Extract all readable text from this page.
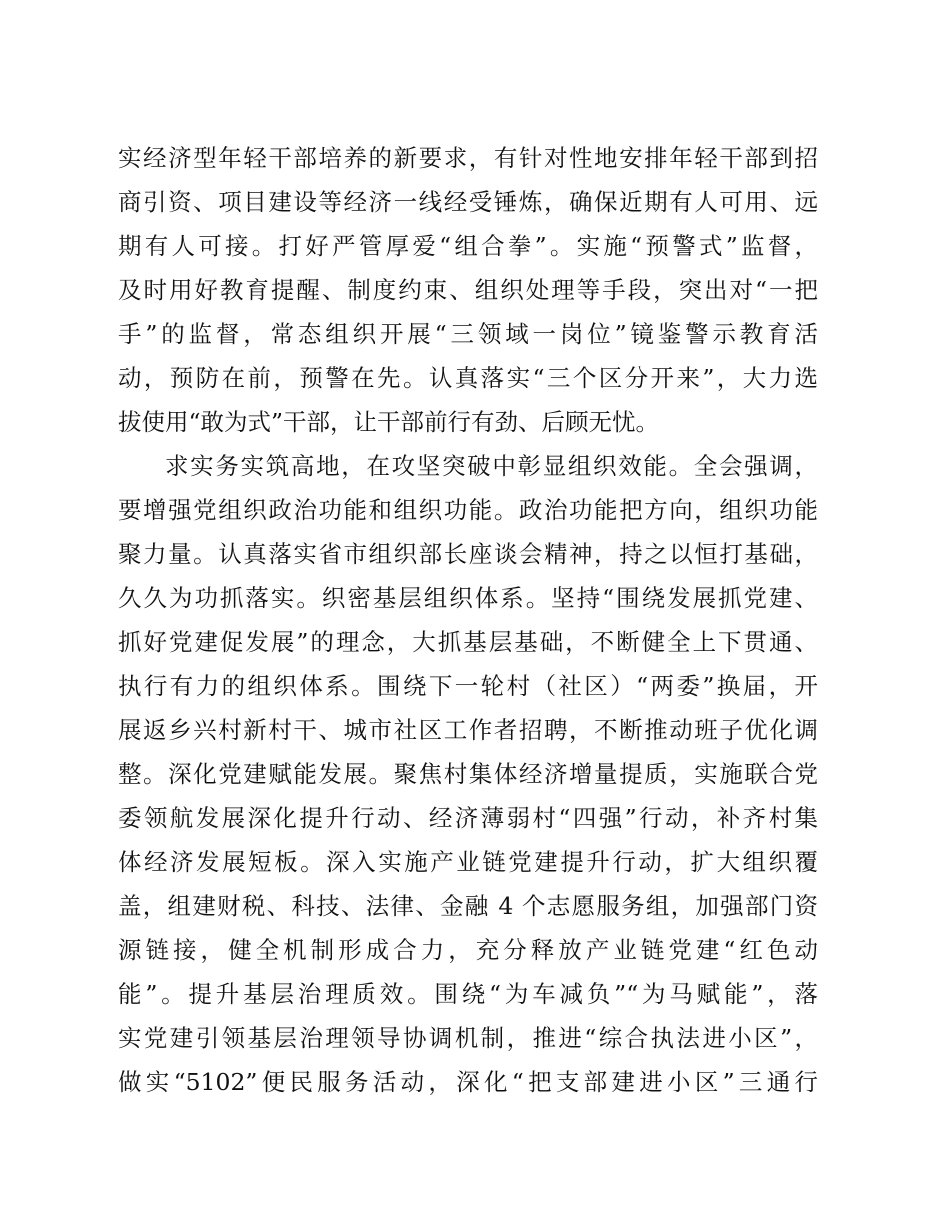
实经济型年轻干部培养的新要求，有针对性地安排年轻干部到招
商引资、项目建设等经济一线经受锤炼，确保近期有人可用、远
期有人可接。打好严管厚爱“组合拳”。实施“预警式”监督，
及时用好教育提醒、制度约束、组织处理等手段，突出对“一把
手”的监督，常态组织开展“三领域一岗位”镜鉴警示教育活
动，预防在前，预警在先。认真落实“三个区分开来”，大力选
拔使用“敢为式”干部，让干部前行有劲、后顾无忧。
求实务实筑高地，在攻坚突破中彰显组织效能。全会强调，
要增强党组织政治功能和组织功能。政治功能把方向，组织功能
聚力量。认真落实省市组织部长座谈会精神，持之以恒打基础，
久久为功抓落实。织密基层组织体系。坚持“围绕发展抓党建、
抓好党建促发展”的理念，大抓基层基础，不断健全上下贯通、
执行有力的组织体系。围绕下一轮村（社区）“两委”换届，开
展返乡兴村新村干、城市社区工作者招聘，不断推动班子优化调
整。深化党建赋能发展。聚焦村集体经济增量提质，实施联合党
委领航发展深化提升行动、经济薄弱村“四强”行动，补齐村集
体经济发展短板。深入实施产业链党建提升行动，扩大组织覆
盖，组建财税、科技、法律、金融 4 个志愿服务组，加强部门资
源链接，健全机制形成合力，充分释放产业链党建“红色动
能”。提升基层治理质效。围绕“为车减负”“为马赋能”，落
实党建引领基层治理领导协调机制，推进“综合执法进小区”，
做实“5102”便民服务活动，深化“把支部建进小区”三通行
